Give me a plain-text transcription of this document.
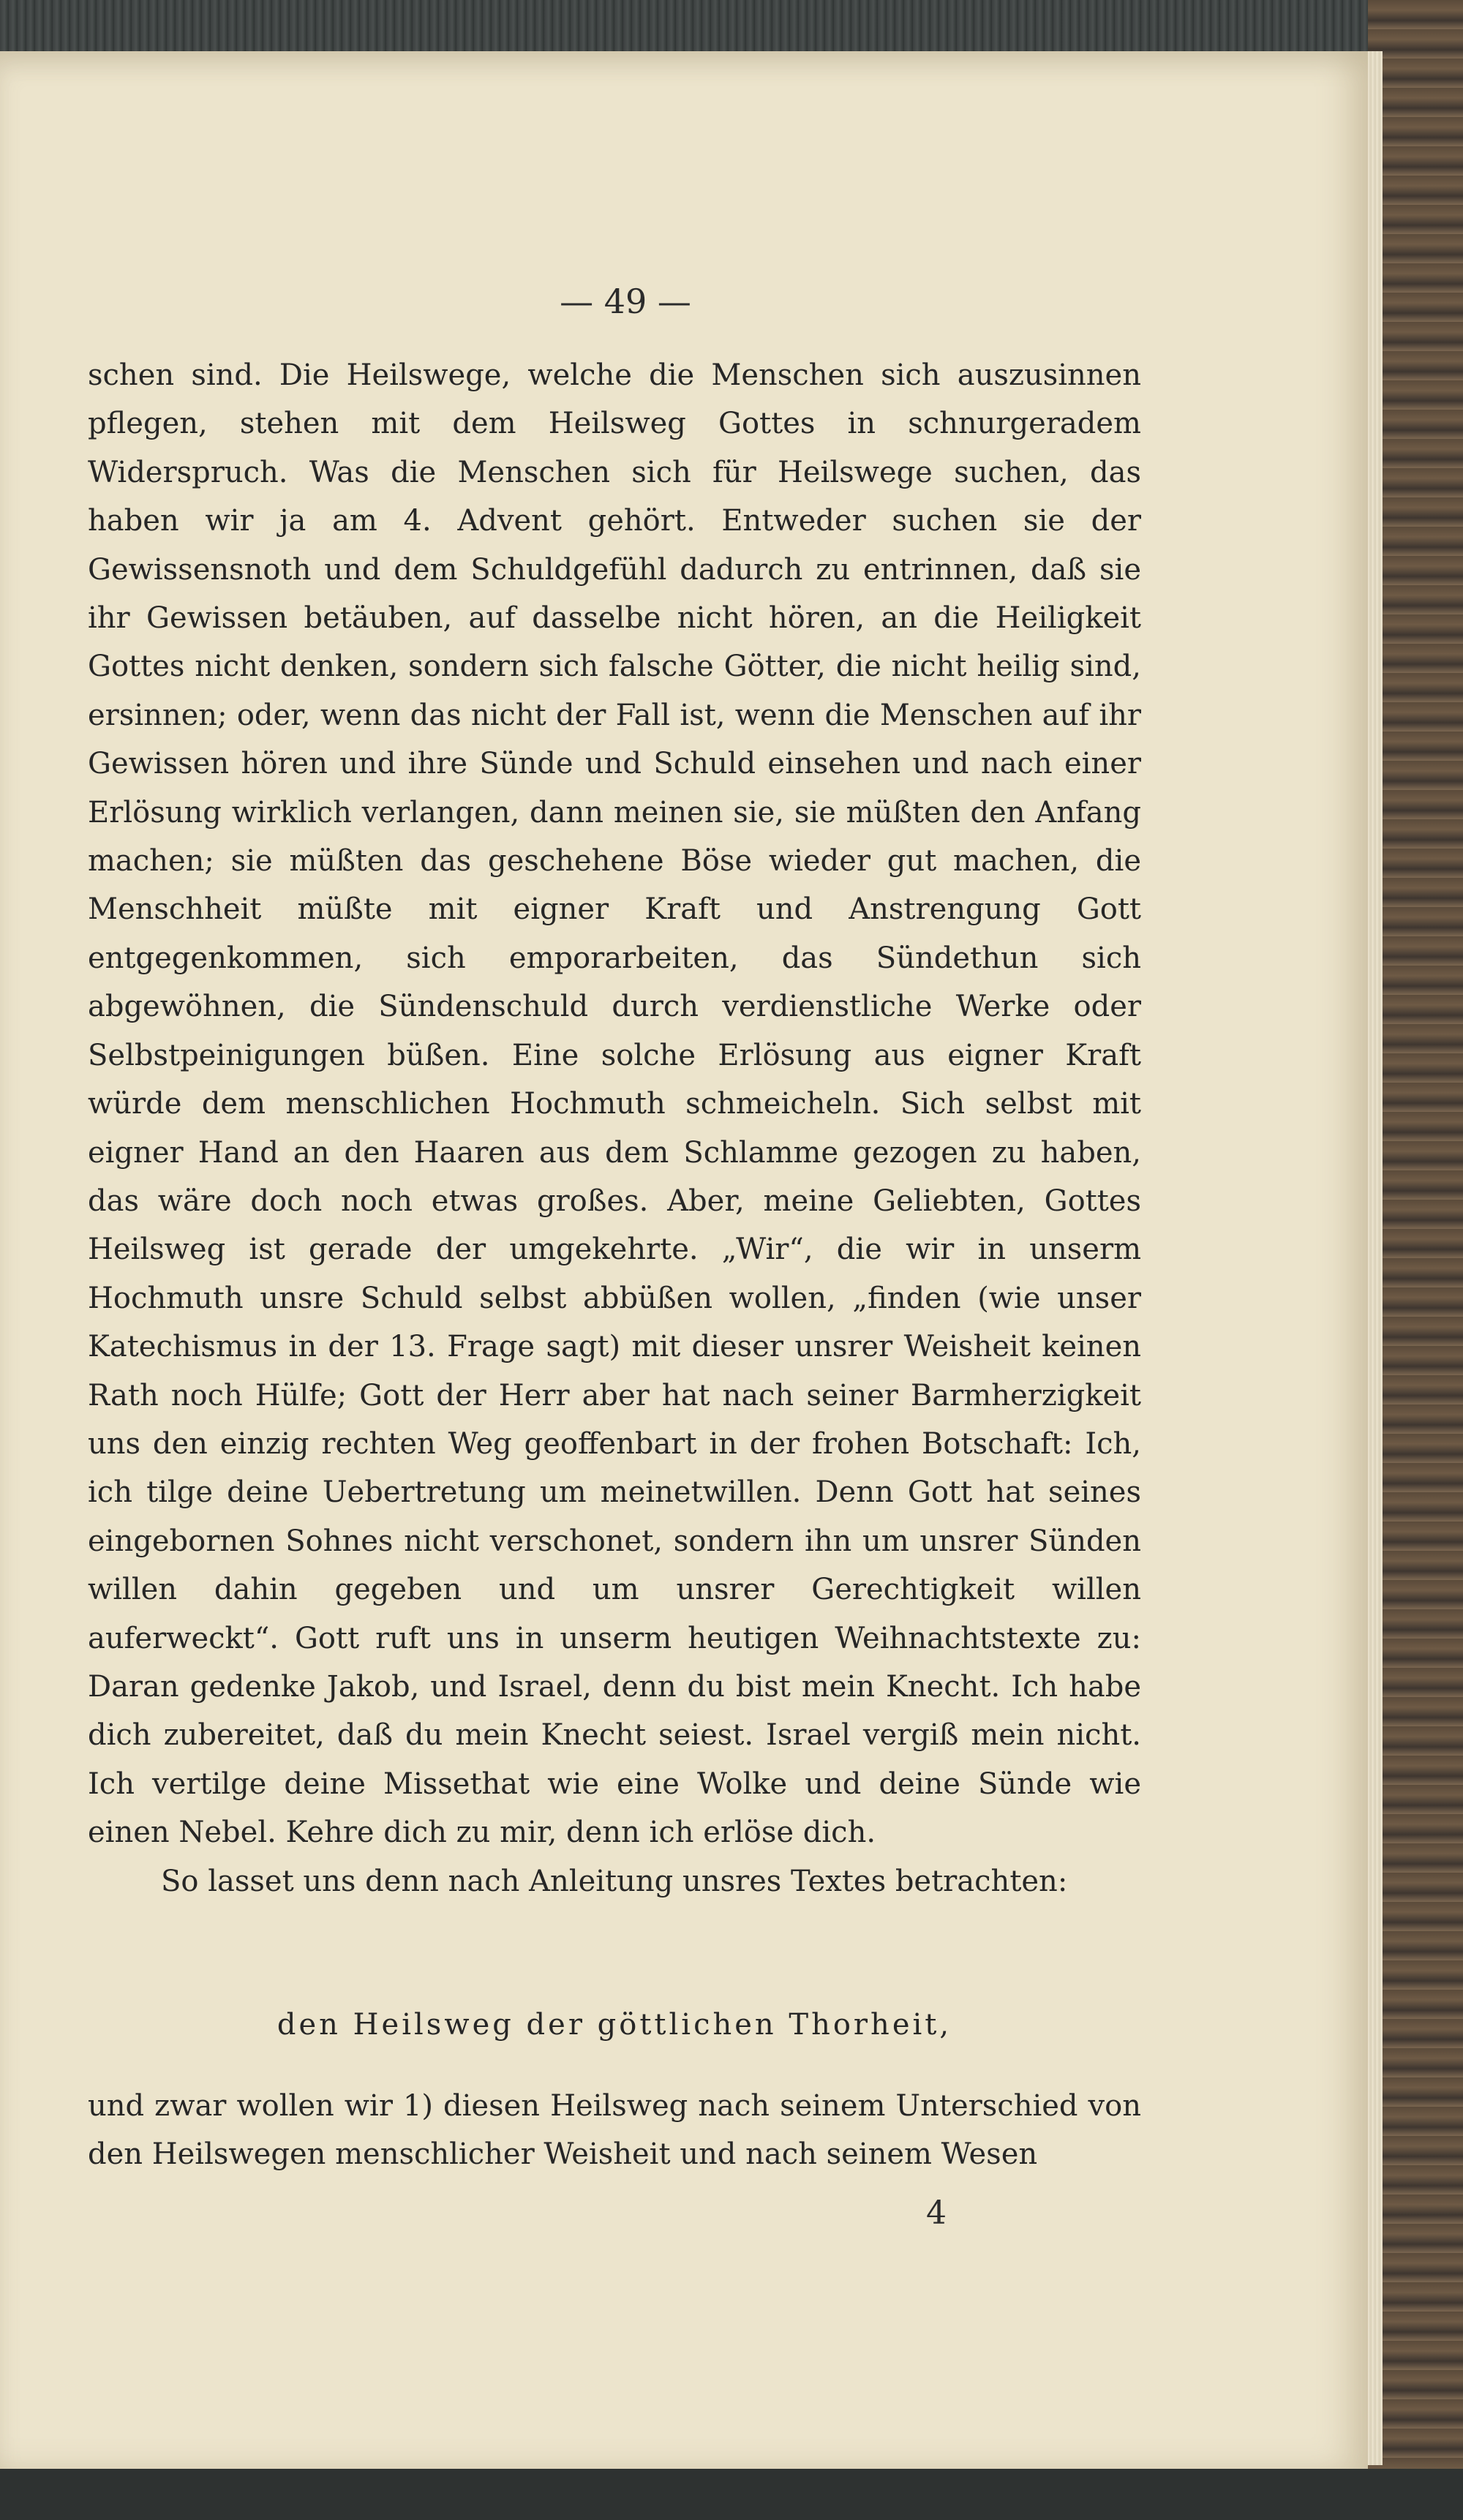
— 49 —
schen sind. Die Heilswege, welche die Menschen sich auszusinnen pflegen, stehen mit dem Heilsweg Gottes in schnurgeradem Widerspruch. Was die Menschen sich für Heilswege suchen, das haben wir ja am 4. Advent gehört. Entweder suchen sie der Gewissensnoth und dem Schuldgefühl dadurch zu entrinnen, daß sie ihr Gewissen betäuben, auf dasselbe nicht hören, an die Heiligkeit Gottes nicht denken, sondern sich falsche Götter, die nicht heilig sind, ersinnen; oder, wenn das nicht der Fall ist, wenn die Menschen auf ihr Gewissen hören und ihre Sünde und Schuld einsehen und nach einer Erlösung wirklich verlangen, dann meinen sie, sie müßten den Anfang machen; sie müßten das geschehene Böse wieder gut machen, die Menschheit müßte mit eigner Kraft und Anstrengung Gott entgegenkommen, sich emporarbeiten, das Sündethun sich abgewöhnen, die Sündenschuld durch verdienstliche Werke oder Selbstpeinigungen büßen. Eine solche Erlösung aus eigner Kraft würde dem menschlichen Hochmuth schmeicheln. Sich selbst mit eigner Hand an den Haaren aus dem Schlamme gezogen zu haben, das wäre doch noch etwas großes. Aber, meine Geliebten, Gottes Heilsweg ist gerade der umgekehrte. „Wir“, die wir in unserm Hochmuth unsre Schuld selbst abbüßen wollen, „finden (wie unser Katechismus in der 13. Frage sagt) mit dieser unsrer Weisheit keinen Rath noch Hülfe; Gott der Herr aber hat nach seiner Barmherzigkeit uns den einzig rechten Weg geoffenbart in der frohen Botschaft: Ich, ich tilge deine Uebertretung um meinetwillen. Denn Gott hat seines eingebornen Sohnes nicht verschonet, sondern ihn um unsrer Sünden willen dahin gegeben und um unsrer Gerechtigkeit willen auferweckt“. Gott ruft uns in unserm heutigen Weihnachtstexte zu: Daran gedenke Jakob, und Israel, denn du bist mein Knecht. Ich habe dich zubereitet, daß du mein Knecht seiest. Israel vergiß mein nicht. Ich vertilge deine Missethat wie eine Wolke und deine Sünde wie einen Nebel. Kehre dich zu mir, denn ich erlöse dich.
So lasset uns denn nach Anleitung unsres Textes betrachten:
den Heilsweg der göttlichen Thorheit,
und zwar wollen wir 1) diesen Heilsweg nach seinem Unterschied von den Heilswegen menschlicher Weisheit und nach seinem Wesen
4
